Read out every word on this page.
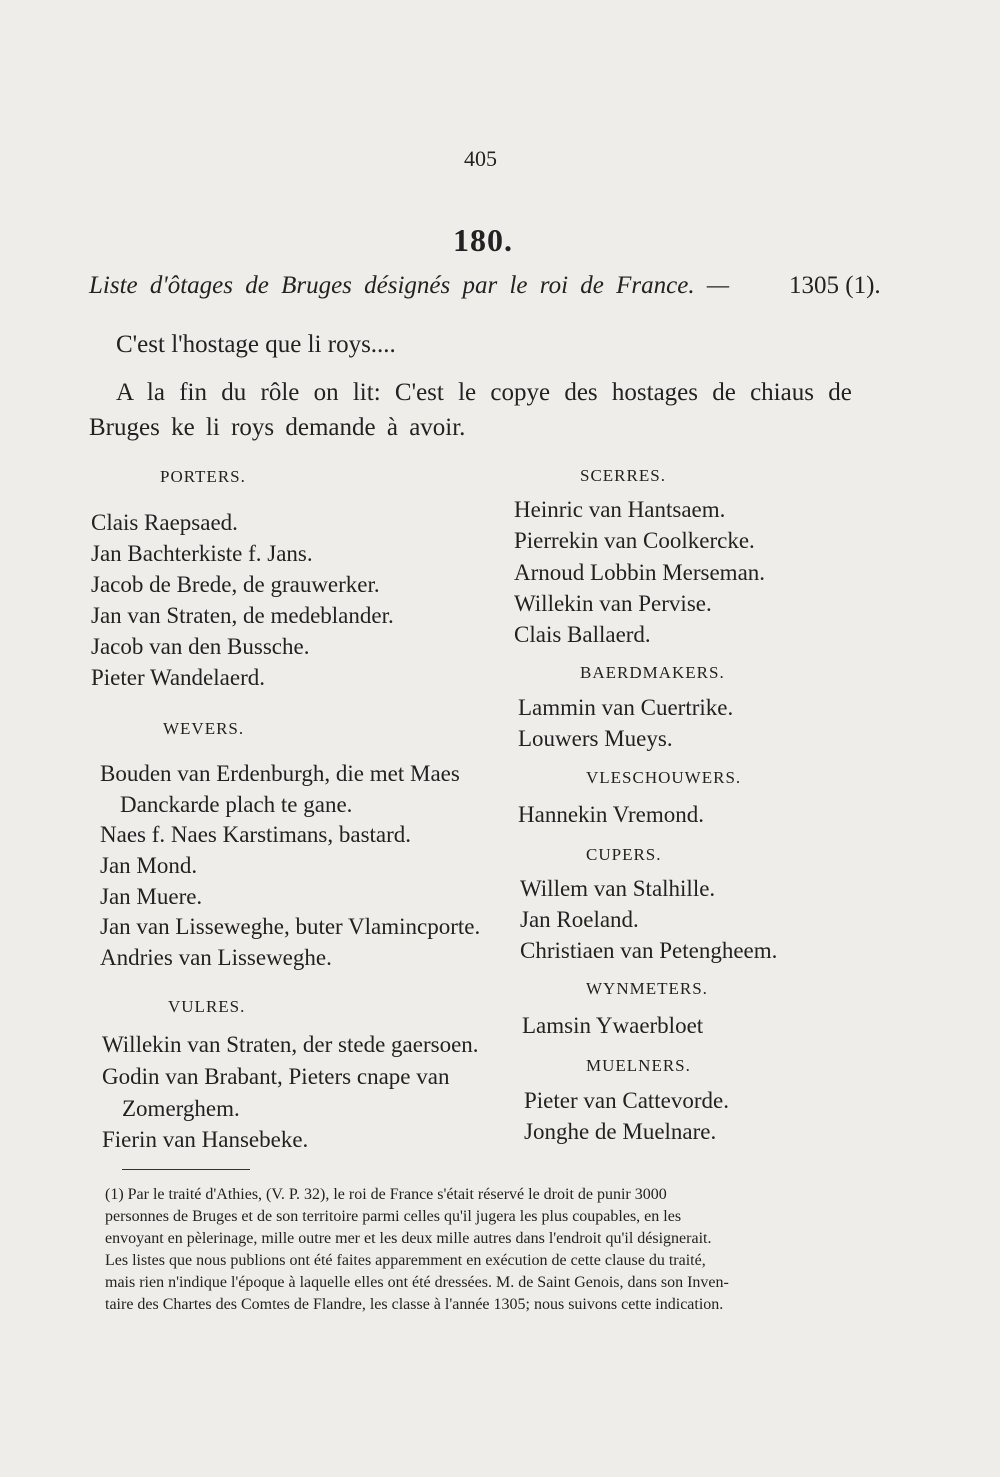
405
180.
Liste d'ôtages de Bruges désignés par le roi de France. — 1305 (1).
C'est l'hostage que li roys....
A la fin du rôle on lit: C'est le copye des hostages de chiaus de
Bruges ke li roys demande à avoir.
PORTERS.
Clais Raepsaed.
Jan Bachterkiste f. Jans.
Jacob de Brede, de grauwerker.
Jan van Straten, de medeblander.
Jacob van den Bussche.
Pieter Wandelaerd.
WEVERS.
Bouden van Erdenburgh, die met Maes
Danckarde plach te gane.
Naes f. Naes Karstimans, bastard.
Jan Mond.
Jan Muere.
Jan van Lisseweghe, buter Vlamincporte.
Andries van Lisseweghe.
VULRES.
Willekin van Straten, der stede gaersoen.
Godin van Brabant, Pieters cnape van
Zomerghem.
Fierin van Hansebeke.
SCERRES.
Heinric van Hantsaem.
Pierrekin van Coolkercke.
Arnoud Lobbin Merseman.
Willekin van Pervise.
Clais Ballaerd.
BAERDMAKERS.
Lammin van Cuertrike.
Louwers Mueys.
VLESCHOUWERS.
Hannekin Vremond.
CUPERS.
Willem van Stalhille.
Jan Roeland.
Christiaen van Petengheem.
WYNMETERS.
Lamsin Ywaerbloet
MUELNERS.
Pieter van Cattevorde.
Jonghe de Muelnare.
(1) Par le traité d'Athies, (V. P. 32), le roi de France s'était réservé le droit de punir 3000
personnes de Bruges et de son territoire parmi celles qu'il jugera les plus coupables, en les
envoyant en pèlerinage, mille outre mer et les deux mille autres dans l'endroit qu'il désignerait.
Les listes que nous publions ont été faites apparemment en exécution de cette clause du traité,
mais rien n'indique l'époque à laquelle elles ont été dressées. M. de Saint Genois, dans son Inven-
taire des Chartes des Comtes de Flandre, les classe à l'année 1305; nous suivons cette indication.
